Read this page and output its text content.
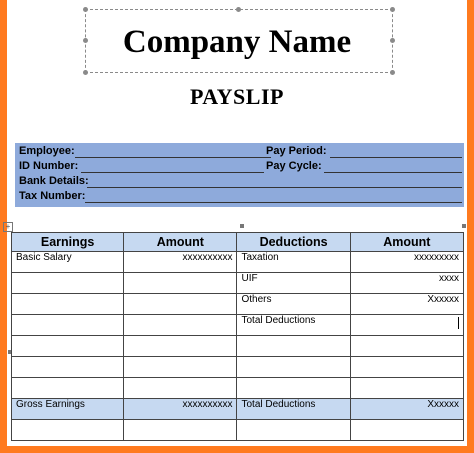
Company Name
PAYSLIP
Employee:	Pay Period:
ID Number:	Pay Cycle:
Bank Details:
Tax Number:
+
Earnings	Amount	Deductions	Amount
Basic Salary	xxxxxxxxxx	Taxation	xxxxxxxxx
		UIF	xxxx
		Others	Xxxxxx
		Total Deductions	

Gross Earnings	xxxxxxxxxx	Total Deductions	Xxxxxx
